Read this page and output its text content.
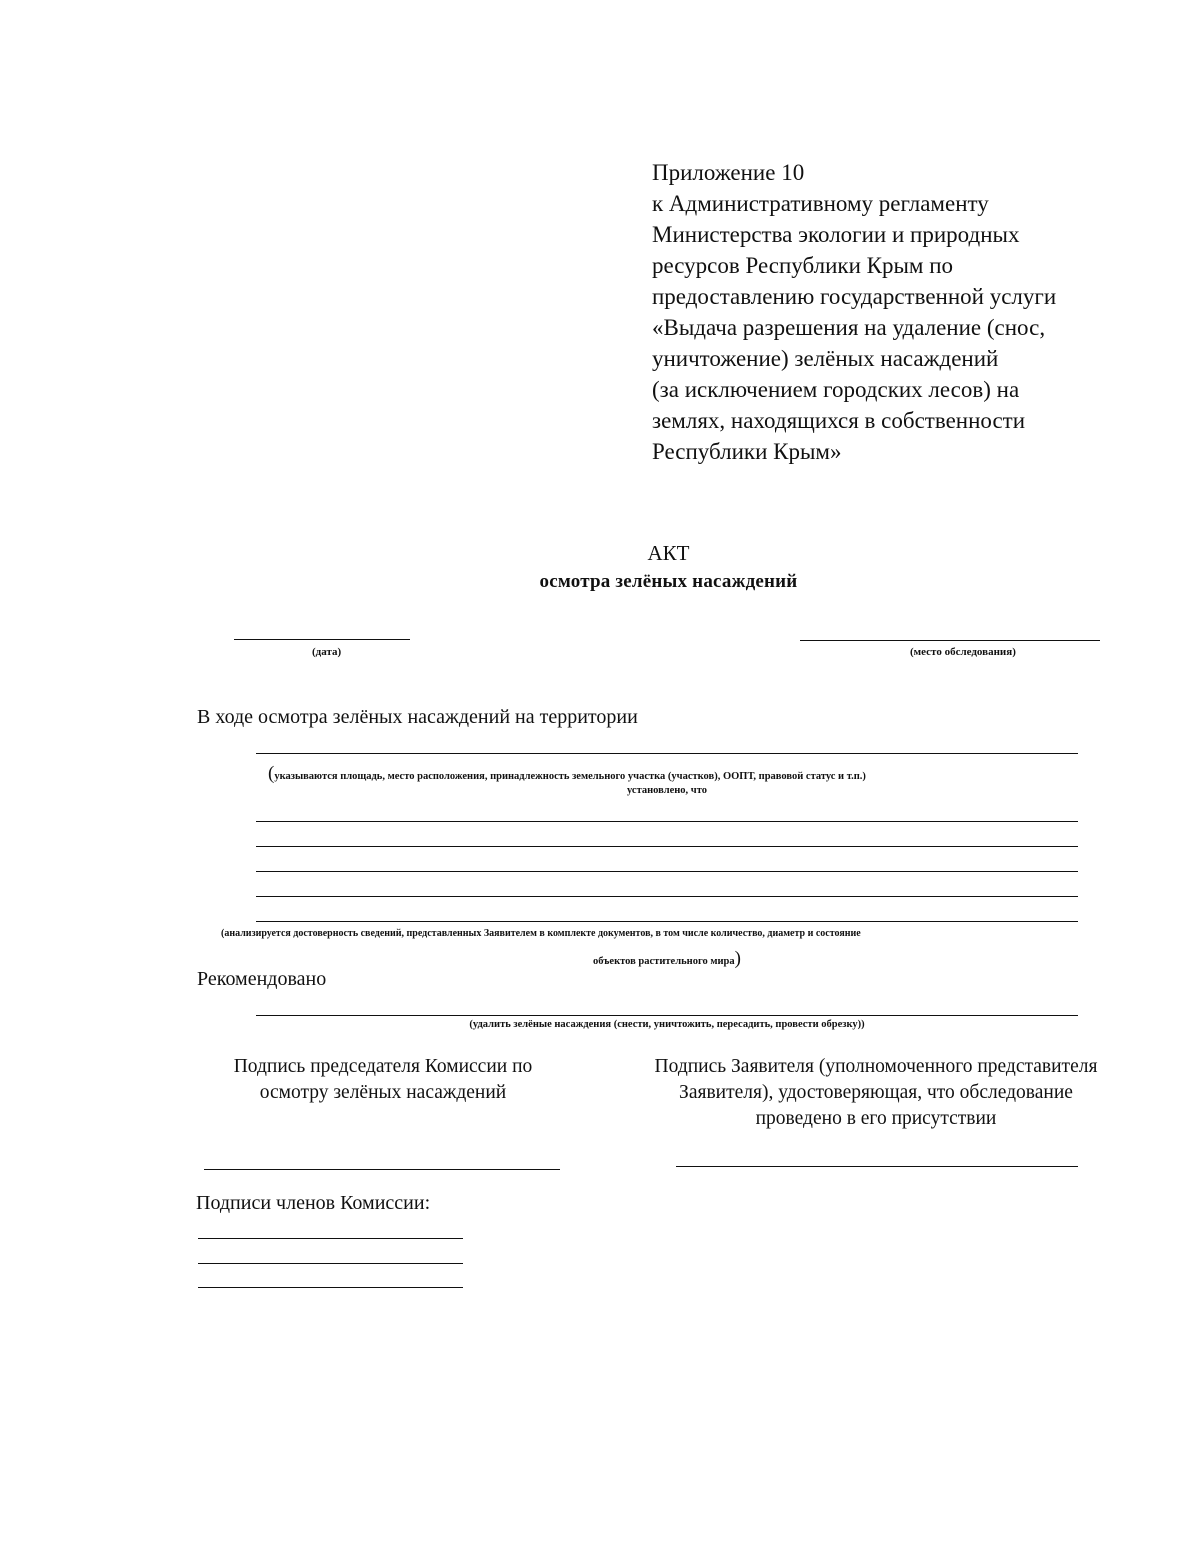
Приложение 10
к Административному регламенту
Министерства экологии и природных
ресурсов Республики Крым по
предоставлению государственной услуги
«Выдача разрешения на удаление (снос,
уничтожение) зелёных насаждений
(за исключением городских лесов) на
землях, находящихся в собственности
Республики Крым»
АКТ
осмотра зелёных насаждений
(дата)	(место обследования)
В ходе осмотра зелёных насаждений на территории
(указываются площадь, место расположения, принадлежность земельного участка (участков), ООПТ, правовой статус и т.п.)
установлено, что
(анализируется достоверность сведений, представленных Заявителем в комплекте документов, в том числе количество, диаметр и состояние
объектов растительного мира)
Рекомендовано
(удалить зелёные насаждения (снести, уничтожить, пересадить, провести обрезку))
Подпись председателя Комиссии по
осмотру зелёных насаждений
Подпись Заявителя (уполномоченного представителя
Заявителя), удостоверяющая, что обследование
проведено в его присутствии
Подписи членов Комиссии:
